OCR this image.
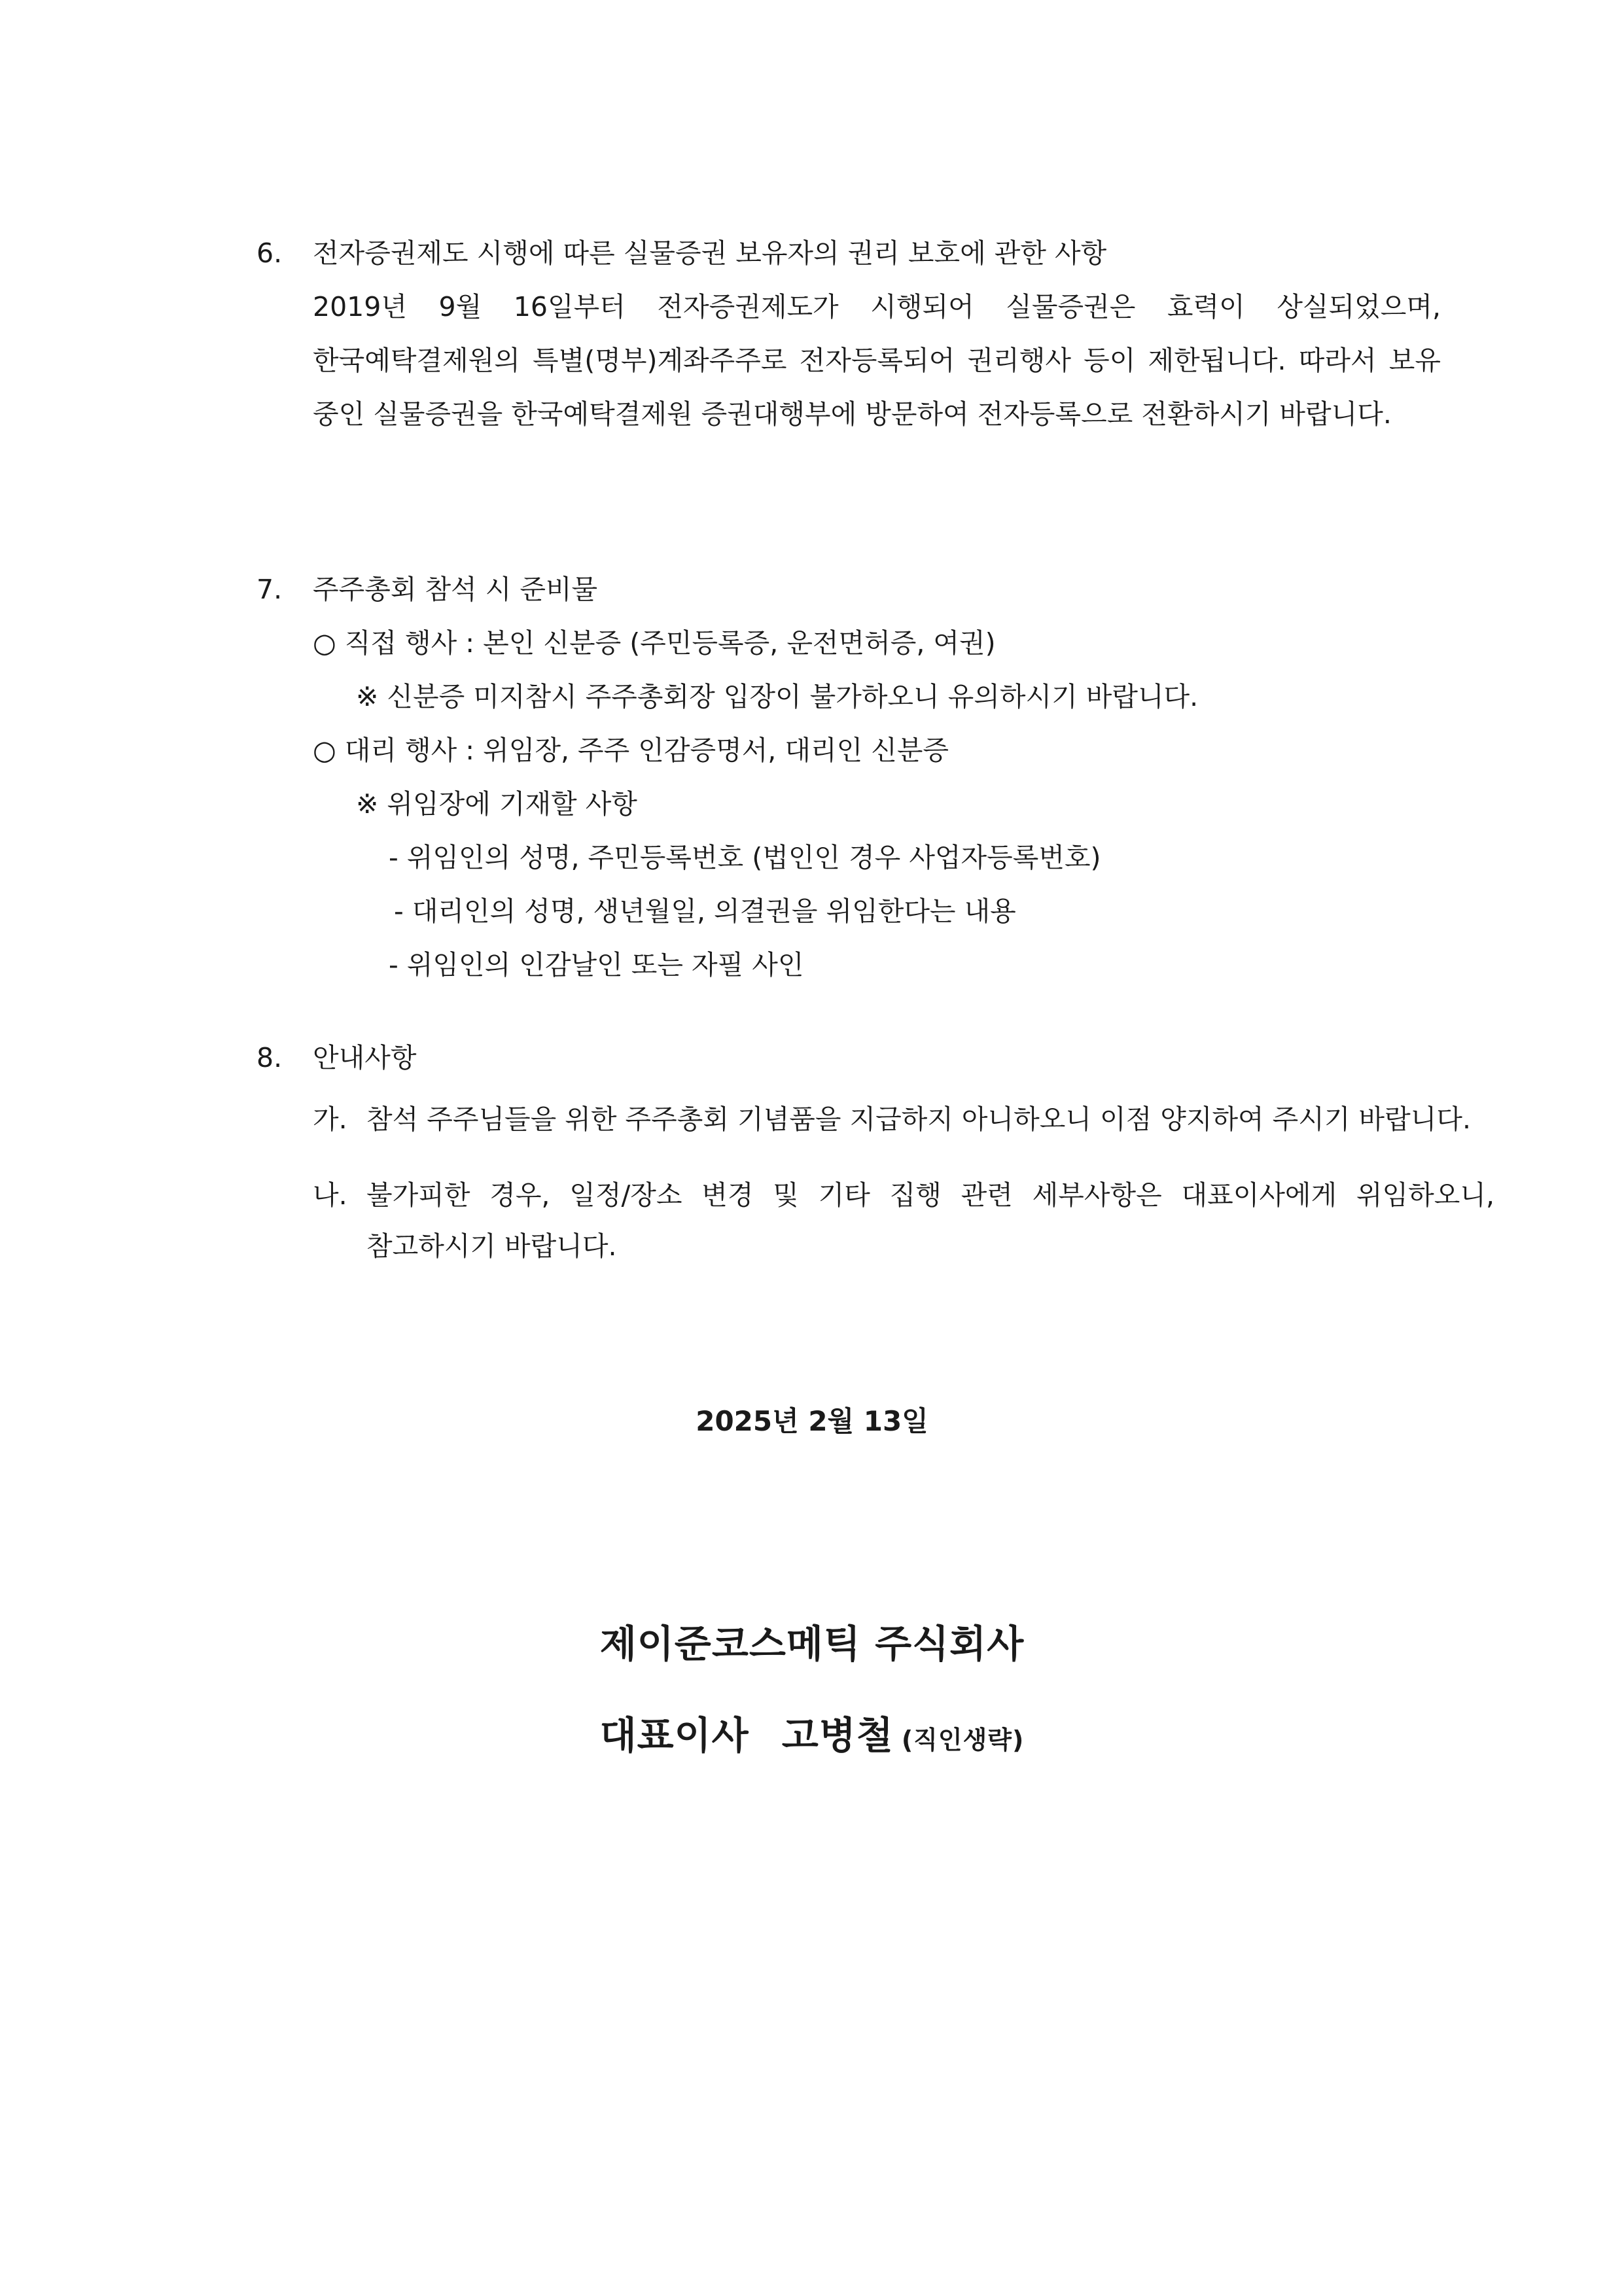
6. 전자증권제도 시행에 따른 실물증권 보유자의 권리 보호에 관한 사항
2019년 9월 16일부터 전자증권제도가 시행되어 실물증권은 효력이 상실되었으며, 한국예탁결제원의 특별(명부)계좌주주로 전자등록되어 권리행사 등이 제한됩니다. 따라서 보유 중인 실물증권을 한국예탁결제원 증권대행부에 방문하여 전자등록으로 전환하시기 바랍니다.
7. 주주총회 참석 시 준비물
○ 직접 행사 : 본인 신분증 (주민등록증, 운전면허증, 여권)
※ 신분증 미지참시 주주총회장 입장이 불가하오니 유의하시기 바랍니다.
○ 대리 행사 : 위임장, 주주 인감증명서, 대리인 신분증
※ 위임장에 기재할 사항
- 위임인의 성명, 주민등록번호 (법인인 경우 사업자등록번호)
- 대리인의 성명, 생년월일, 의결권을 위임한다는 내용
- 위임인의 인감날인 또는 자필 사인
8. 안내사항
가. 참석 주주님들을 위한 주주총회 기념품을 지급하지 아니하오니 이점 양지하여 주시기 바랍니다.
나. 불가피한 경우, 일정/장소 변경 및 기타 집행 관련 세부사항은 대표이사에게 위임하오니, 참고하시기 바랍니다.
2025년 2월 13일
제이준코스메틱 주식회사
대표이사 고병철 (직인생략)
